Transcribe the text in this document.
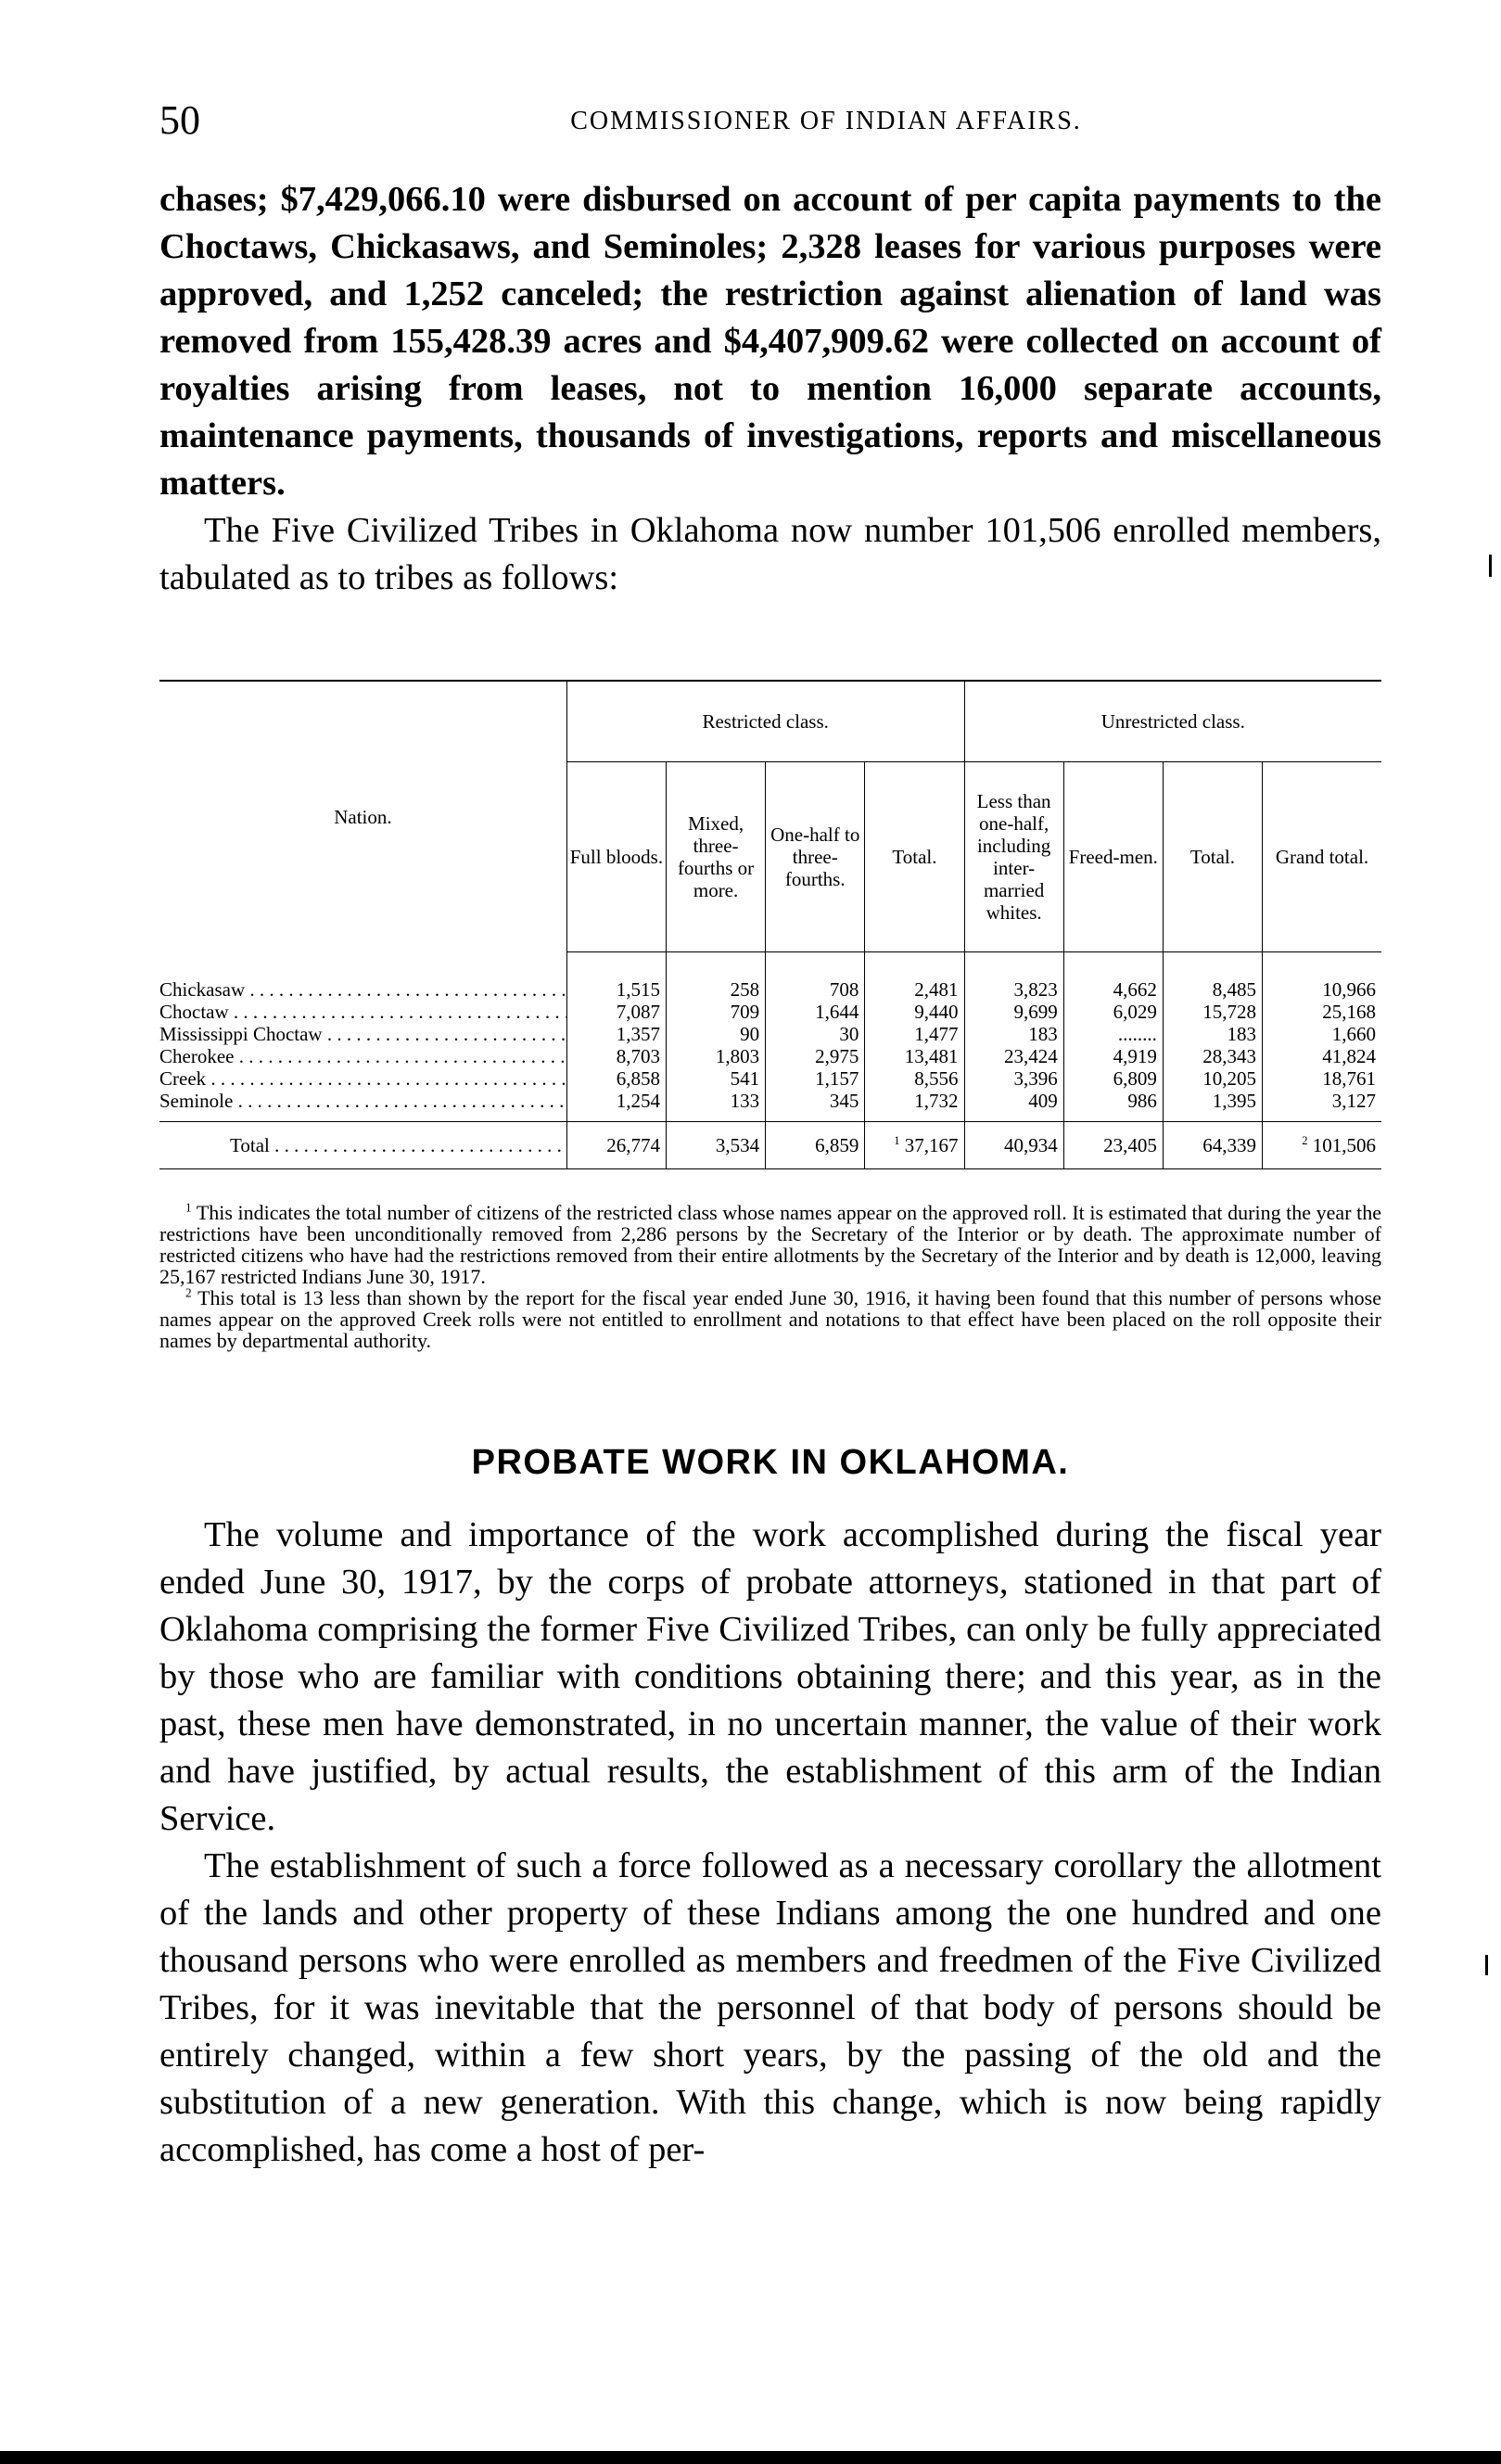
50	COMMISSIONER OF INDIAN AFFAIRS.

chases; $7,429,066.10 were disbursed on account of per capita payments to the Choctaws, Chickasaws, and Seminoles; 2,328 leases for various purposes were approved, and 1,252 canceled; the restriction against alienation of land was removed from 155,428.39 acres and $4,407,909.62 were collected on account of royalties arising from leases, not to mention 16,000 separate accounts, maintenance payments, thousands of investigations, reports and miscellaneous matters.

The Five Civilized Tribes in Oklahoma now number 101,506 enrolled members, tabulated as to tribes as follows:

Nation.	Restricted class.				Unrestricted class.			
	Full bloods.	Mixed, three-fourths or more.	One-half to three-fourths.	Total.	Less than one-half, including inter-married whites.	Freed-men.	Total.	Grand total.

Chickasaw . . .	1,515	258	708	2,481	3,823	4,662	8,485	10,966

Choctaw . . .	7,087	709	1,644	9,440	9,699	6,029	15,728	25,168

Mississippi Choctaw . . .	1,357	90	30	1,477	183	........	183	1,660

Cherokee . . .	8,703	1,803	2,975	13,481	23,424	4,919	28,343	41,824

Creek . . .	6,858	541	1,157	8,556	3,396	6,809	10,205	18,761

Seminole . . .	1,254	133	345	1,732	409	986	1,395	3,127

Total . . .	26,774	3,534	6,859	$^1$ 37,167	40,934	23,405	64,339	$^2$ 101,506

$^1$ This indicates the total number of citizens of the restricted class whose names appear on the approved roll. It is estimated that during the year the restrictions have been unconditionally removed from 2,286 persons by the Secretary of the Interior or by death. The approximate number of restricted citizens who have had the restrictions removed from their entire allotments by the Secretary of the Interior and by death is 12,000, leaving 25,167 restricted Indians June 30, 1917.

$^2$ This total is 13 less than shown by the report for the fiscal year ended June 30, 1916, it having been found that this number of persons whose names appear on the approved Creek rolls were not entitled to enrollment and notations to that effect have been placed on the roll opposite their names by departmental authority.

PROBATE WORK IN OKLAHOMA.

The volume and importance of the work accomplished during the fiscal year ended June 30, 1917, by the corps of probate attorneys, stationed in that part of Oklahoma comprising the former Five Civilized Tribes, can only be fully appreciated by those who are familiar with conditions obtaining there; and this year, as in the past, these men have demonstrated, in no uncertain manner, the value of their work and have justified, by actual results, the establishment of this arm of the Indian Service.

The establishment of such a force followed as a necessary corollary the allotment of the lands and other property of these Indians among the one hundred and one thousand persons who were enrolled as members and freedmen of the Five Civilized Tribes, for it was inevitable that the personnel of that body of persons should be entirely changed, within a few short years, by the passing of the old and the substitution of a new generation. With this change, which is now being rapidly accomplished, has come a host of per-
